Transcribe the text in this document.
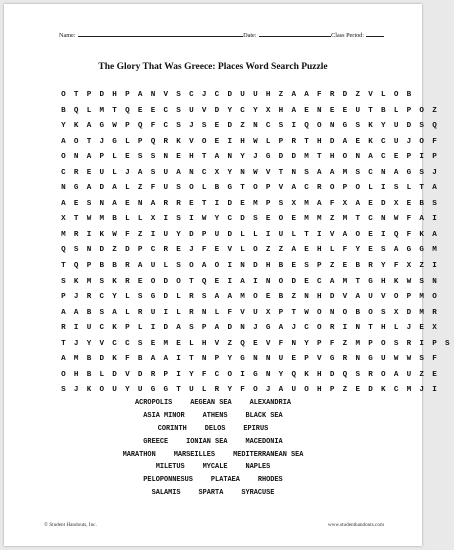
Name:	Date:	Class Period:
The Glory That Was Greece: Places Word Search Puzzle
O	T	P	D	H	P	A	N	V	S	C	J	C	D	U	U	H	Z	A	A	F	R	D	Z	V	L	O	B
B	Q	L	M	T	Q	E	E	C	S	U	V	D	Y	C	Y	X	H	A	E	N	E	E	U	T	B	L	P	O	Z
Y	K	A	G	W	P	Q	F	C	S	J	S	E	D	Z	N	C	S	I	Q	O	N	G	S	K	Y	U	D	S	Q
A	O	T	J	G	L	P	Q	R	K	V	O	E	I	H	W	L	P	R	T	H	D	A	E	K	C	U	J	O	F
O	N	A	P	L	E	S	S	N	E	H	T	A	N	Y	J	G	D	D	M	T	H	O	N	A	C	E	P	I	P
C	R	E	U	L	J	A	S	U	A	N	C	X	Y	N	W	V	T	N	S	A	A	M	S	C	N	A	G	S	J
N	G	A	D	A	L	Z	F	U	S	O	L	B	G	T	O	P	V	A	C	R	O	P	O	L	I	S	L	T	A
A	E	S	N	A	E	N	A	R	R	E	T	I	D	E	M	P	S	X	M	A	F	X	A	E	D	X	E	B	S
X	T	W	M	B	L	L	X	I	S	I	W	Y	C	D	S	E	O	E	M	M	Z	M	T	C	N	W	F	A	I
M	R	I	K	W	F	Z	I	U	Y	D	P	U	D	L	L	I	U	L	T	I	V	A	O	E	I	Q	F	K	A
Q	S	N	D	Z	D	P	C	R	E	J	F	E	V	L	O	Z	Z	A	E	H	L	F	Y	E	S	A	G	G	M
T	Q	P	B	B	R	A	U	L	S	O	A	O	I	N	D	H	B	E	S	P	Z	E	B	R	Y	F	X	Z	I
S	K	M	S	K	R	E	O	D	O	T	Q	E	I	A	I	N	O	D	E	C	A	M	T	G	H	K	W	S	N
P	J	R	C	Y	L	S	G	D	L	R	S	A	A	M	O	E	B	Z	N	H	D	V	A	U	V	O	P	M	O
A	A	B	S	A	L	R	U	I	L	R	N	L	F	V	U	X	P	T	W	O	N	O	B	O	S	X	D	M	R
R	I	U	C	K	P	L	I	D	A	S	P	A	D	N	J	G	A	J	C	O	R	I	N	T	H	L	J	E	X
T	J	Y	V	C	C	S	E	M	E	L	H	V	Z	Q	E	V	F	N	Y	P	F	Z	M	P	O	S	R	I	P	S
A	M	B	D	K	F	B	A	A	I	T	N	P	Y	G	N	N	U	E	P	V	G	R	N	G	U	W	W	S	F
O	H	B	L	D	V	D	R	P	I	Y	F	C	O	I	G	N	Y	Q	K	H	D	Q	S	R	O	A	U	Z	E
S	J	K	O	U	Y	U	G	G	T	U	L	R	Y	F	O	J	A	U	O	H	P	Z	E	D	K	C	M	J	I
ACROPOLIS	AEGEAN SEA	ALEXANDRIA
ASIA MINOR	ATHENS	BLACK SEA
CORINTH	DELOS	EPIRUS
GREECE	IONIAN SEA	MACEDONIA
MARATHON	MARSEILLES	MEDITERRANEAN SEA
MILETUS	MYCALE	NAPLES
PELOPONNESUS	PLATAEA	RHODES
SALAMIS	SPARTA	SYRACUSE
© Student Handouts, Inc.	www.studenthandouts.com
